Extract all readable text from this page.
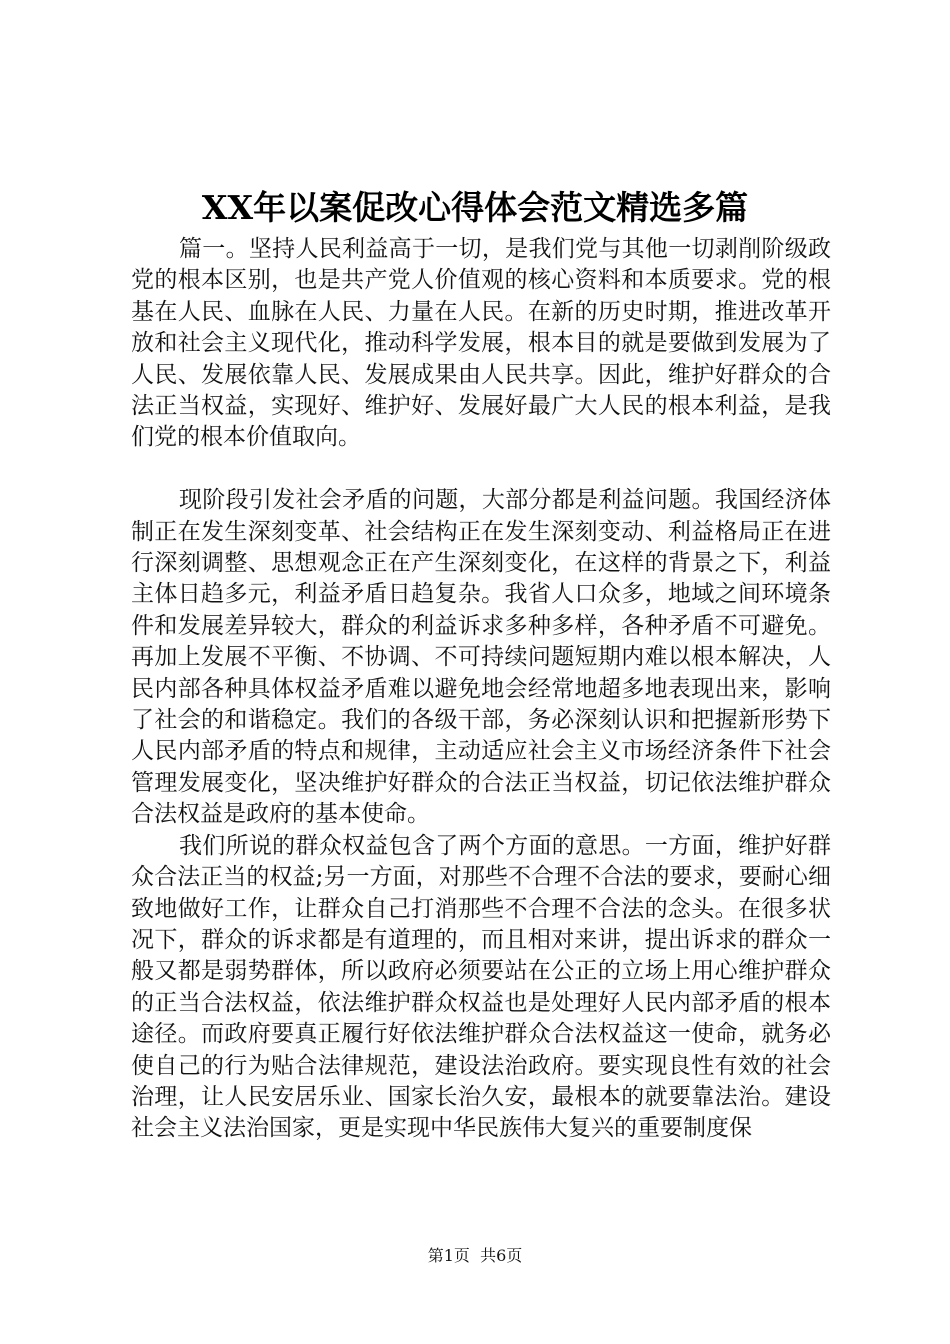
XX年以案促改心得体会范文精选多篇

篇一。坚持人民利益高于一切，是我们党与其他一切剥削阶级政党的根本区别，也是共产党人价值观的核心资料和本质要求。党的根基在人民、血脉在人民、力量在人民。在新的历史时期，推进改革开放和社会主义现代化，推动科学发展，根本目的就是要做到发展为了人民、发展依靠人民、发展成果由人民共享。因此，维护好群众的合法正当权益，实现好、维护好、发展好最广大人民的根本利益，是我们党的根本价值取向。

现阶段引发社会矛盾的问题，大部分都是利益问题。我国经济体制正在发生深刻变革、社会结构正在发生深刻变动、利益格局正在进行深刻调整、思想观念正在产生深刻变化，在这样的背景之下，利益主体日趋多元，利益矛盾日趋复杂。我省人口众多，地域之间环境条件和发展差异较大，群众的利益诉求多种多样，各种矛盾不可避免。再加上发展不平衡、不协调、不可持续问题短期内难以根本解决，人民内部各种具体权益矛盾难以避免地会经常地超多地表现出来，影响了社会的和谐稳定。我们的各级干部，务必深刻认识和把握新形势下人民内部矛盾的特点和规律，主动适应社会主义市场经济条件下社会管理发展变化，坚决维护好群众的合法正当权益，切记依法维护群众合法权益是政府的基本使命。

我们所说的群众权益包含了两个方面的意思。一方面，维护好群众合法正当的权益;另一方面，对那些不合理不合法的要求，要耐心细致地做好工作，让群众自己打消那些不合理不合法的念头。在很多状况下，群众的诉求都是有道理的，而且相对来讲，提出诉求的群众一般又都是弱势群体，所以政府必须要站在公正的立场上用心维护群众的正当合法权益，依法维护群众权益也是处理好人民内部矛盾的根本途径。而政府要真正履行好依法维护群众合法权益这一使命，就务必使自己的行为贴合法律规范，建设法治政府。要实现良性有效的社会治理，让人民安居乐业、国家长治久安，最根本的就要靠法治。建设社会主义法治国家，更是实现中华民族伟大复兴的重要制度保

第1页 共6页
